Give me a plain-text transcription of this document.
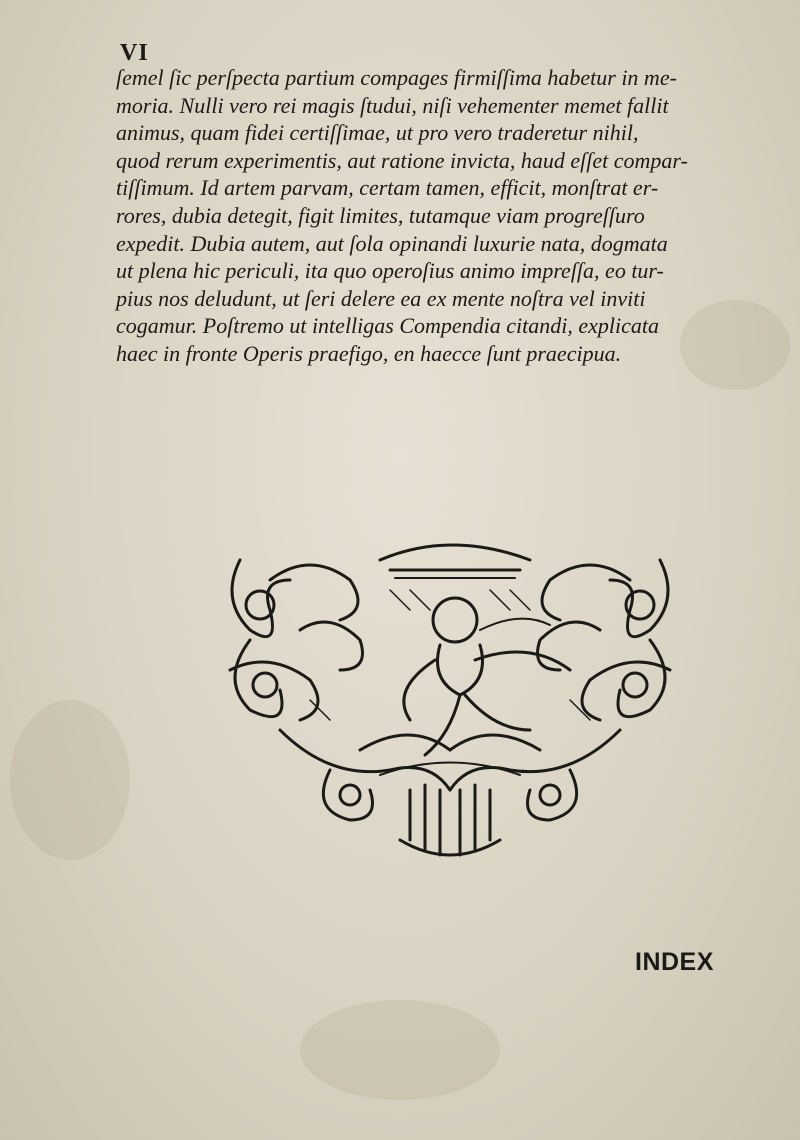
VI
ſemel ſic perſpecta partium compages firmiſſima habetur in me-
moria. Nulli vero rei magis ſtudui, niſi vehementer memet fallit
animus, quam fidei certiſſimae, ut pro vero traderetur nihil,
quod rerum experimentis, aut ratione invicta, haud eſſet compar-
tiſſimum. Id artem parvam, certam tamen, efficit, monſtrat er-
rores, dubia detegit, figit limites, tutamque viam progreſſuro
expedit. Dubia autem, aut ſola opinandi luxurie nata, dogmata
ut plena hic periculi, ita quo operoſius animo impreſſa, eo tur-
pius nos deludunt, ut ſeri delere ea ex mente noſtra vel inviti
cogamur. Poſtremo ut intelligas Compendia citandi, explicata
haec in fronte Operis praefigo, en haecce ſunt praecipua.
INDEX
